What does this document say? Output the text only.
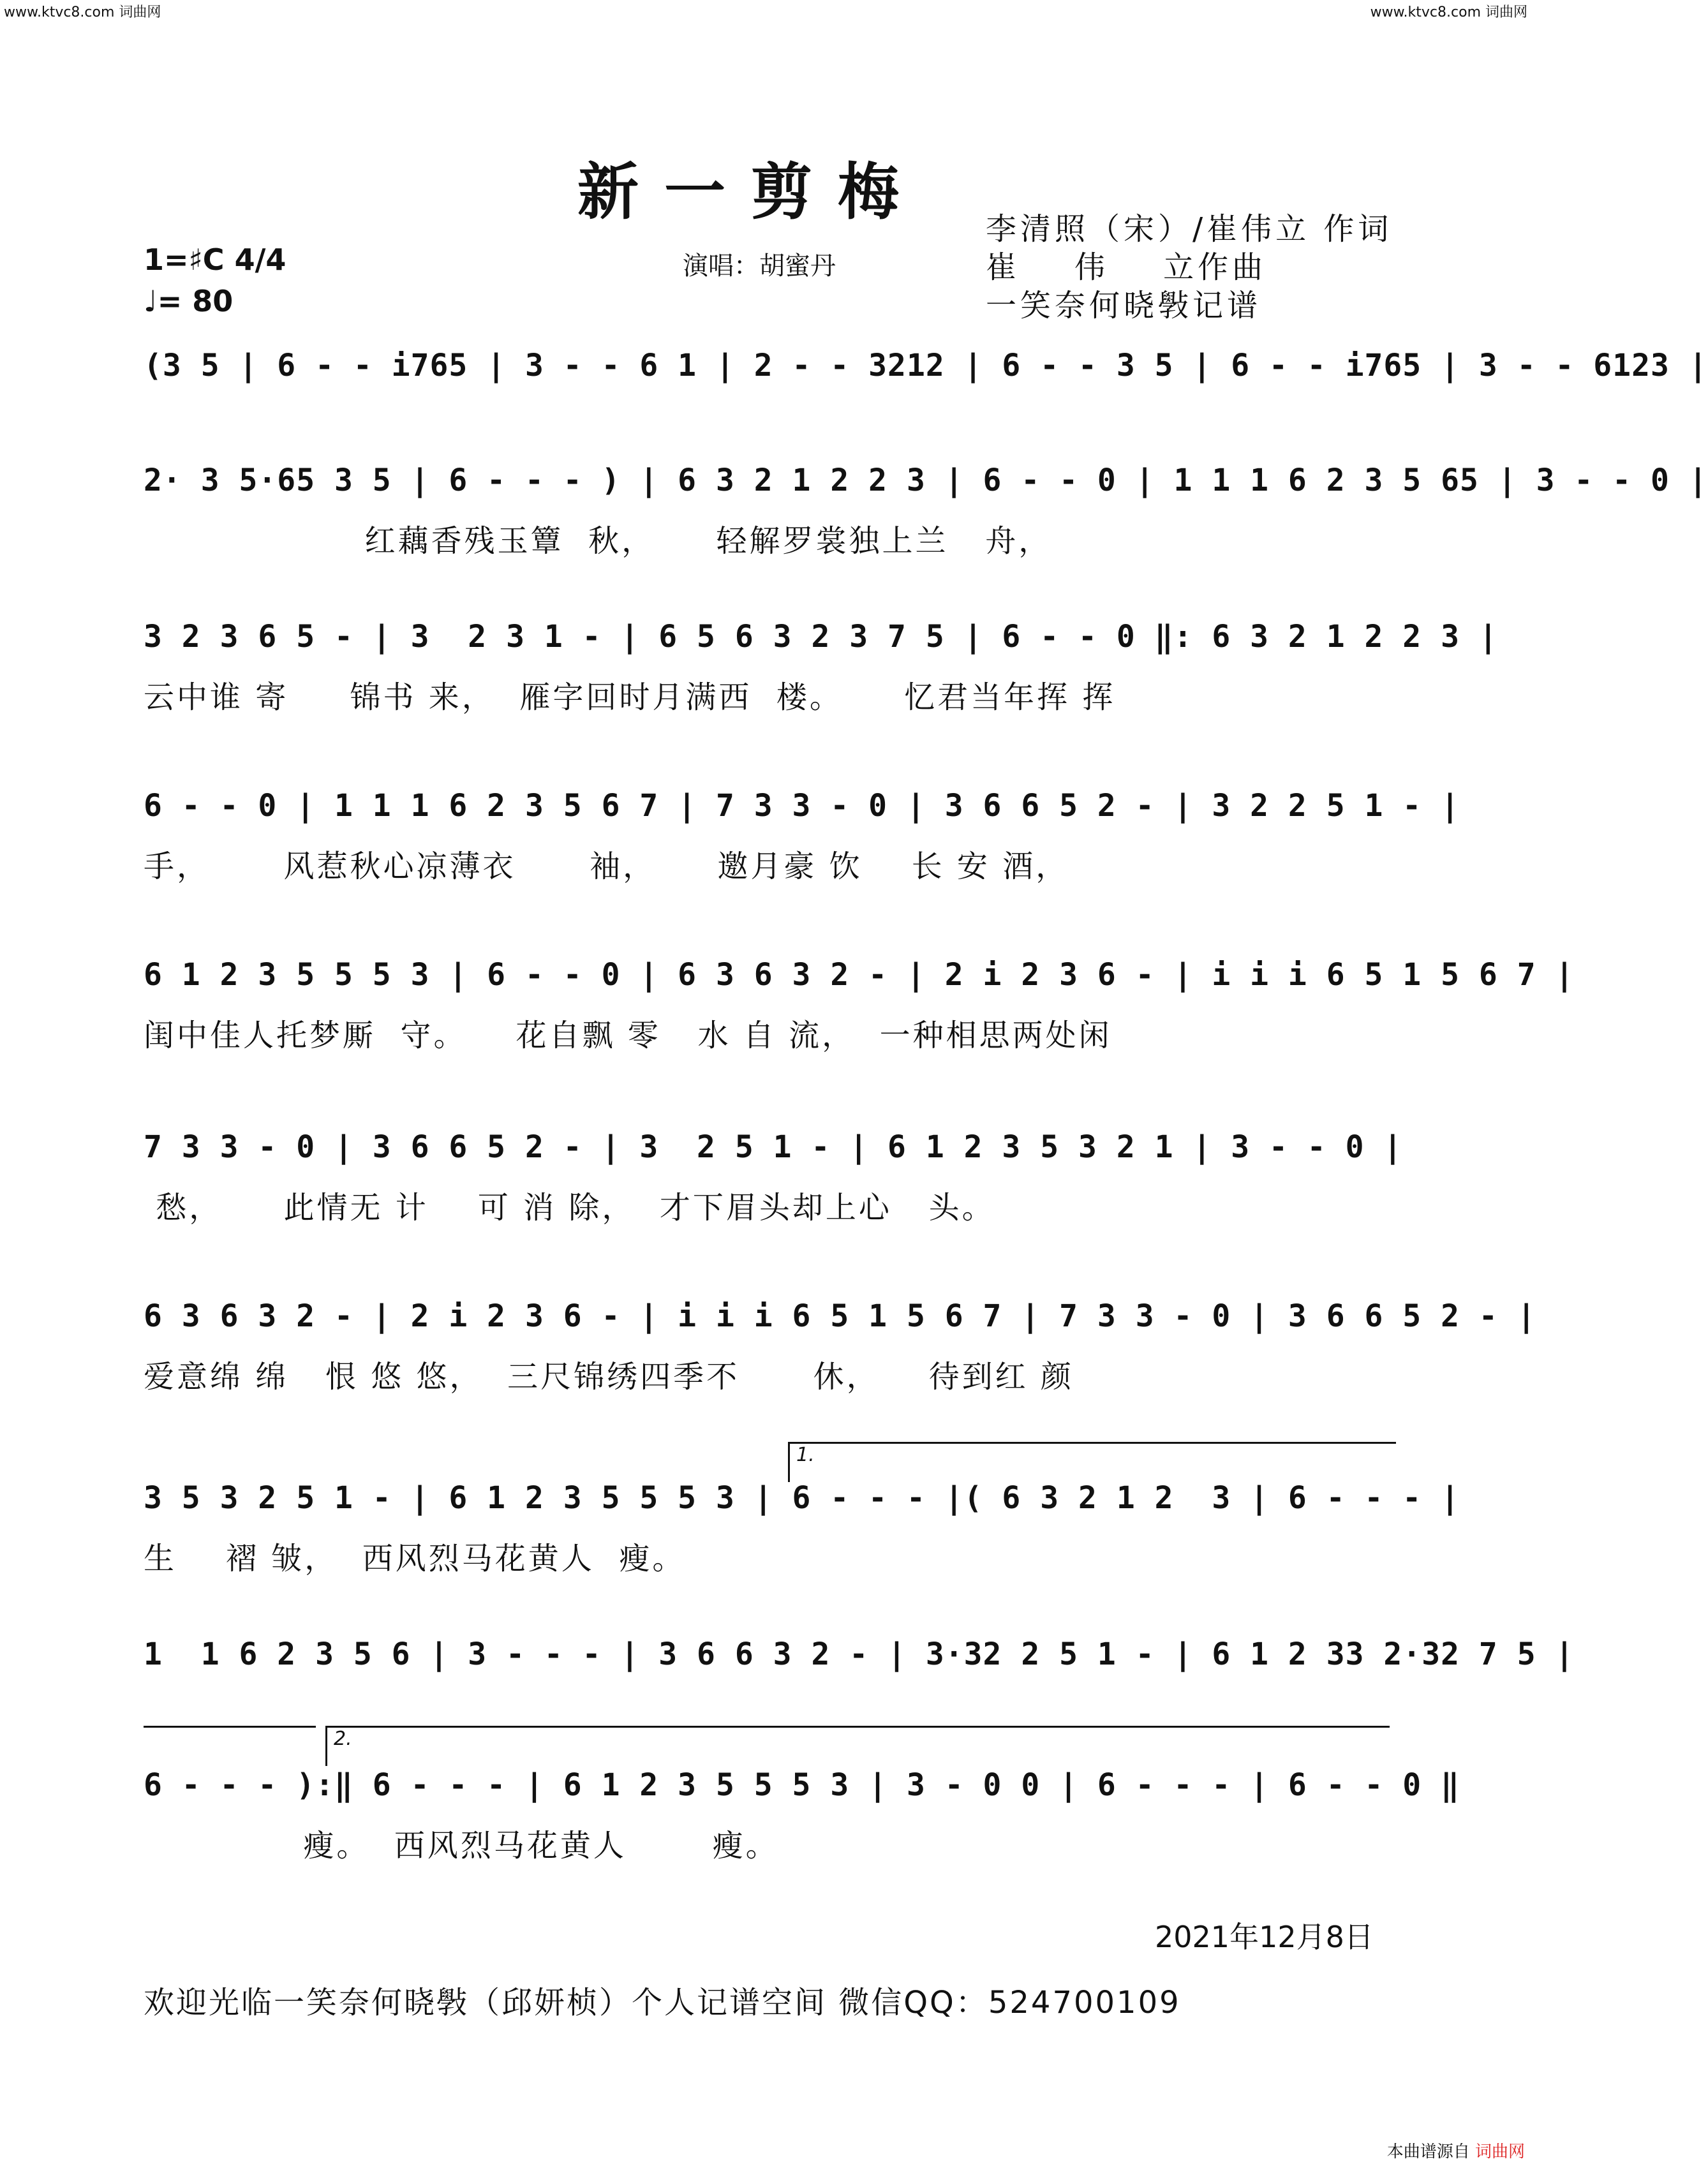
www.ktvc8.com 词曲网	www.ktvc8.com 词曲网
新一剪梅
李清照（宋）/崔伟立 作词
崔    伟    立作曲
一笑奈何晓斅记谱
1=♯C 4/4
♩= 80
演唱：胡蜜丹
(3 5 | 6 - - i765 | 3 - - 6 1 | 2 - - 3212 | 6 - - 3 5 | 6 - - i765 | 3 - - 6123 |
2· 3 5·65 3 5 | 6 - - - ) | 6 3 2 1 2 2 3 | 6 - - 0 | 1 1 1 6 2 3 5 65 | 3 - - 0 |
红藕香残玉簟  秋，     轻解罗裳独上兰   舟，
3 2 3 6 5 - | 3  2 3 1 - | 6 5 6 3 2 3 7 5 | 6 - - 0 ‖: 6 3 2 1 2 2 3 |
云中谁 寄     锦书 来，  雁字回时月满西  楼。     忆君当年挥 挥
6 - - 0 | 1 1 1 6 2 3 5 6 7 | 7 3 3 - 0 | 3 6 6 5 2 - | 3 2 2 5 1 - |
手，      风惹秋心凉薄衣      袖，     邀月豪 饮    长 安 酒，
6 1 2 3 5 5 5 3 | 6 - - 0 | 6 3 6 3 2 - | 2 i 2 3 6 - | i i i 6 5 1 5 6 7 |
闺中佳人托梦厮  守。    花自飘 零   水 自 流，  一种相思两处闲
7 3 3 - 0 | 3 6 6 5 2 - | 3  2 5 1 - | 6 1 2 3 5 3 2 1 | 3 - - 0 |
愁，     此情无 计    可 消 除，  才下眉头却上心   头。
6 3 6 3 2 - | 2 i 2 3 6 - | i i i 6 5 1 5 6 7 | 7 3 3 - 0 | 3 6 6 5 2 - |
爱意绵 绵   恨 悠 悠，  三尺锦绣四季不      休，    待到红 颜
1.
3 5 3 2 5 1 - | 6 1 2 3 5 5 5 3 | 6 - - - |( 6 3 2 1 2  3 | 6 - - - |
生    褶 皱，  西风烈马花黄人  瘦。
1  1 6 2 3 5 6 | 3 - - - | 3 6 6 3 2 - | 3·32 2 5 1 - | 6 1 2 33 2·32 7 5 |
2.
6 - - - ):‖ 6 - - - | 6 1 2 3 5 5 5 3 | 3 - 0 0 | 6 - - - | 6 - - 0 ‖
瘦。  西风烈马花黄人       瘦。
2021年12月8日
欢迎光临一笑奈何晓斅（邱妍桢）个人记谱空间 微信QQ：524700109
本曲谱源自 词曲网
